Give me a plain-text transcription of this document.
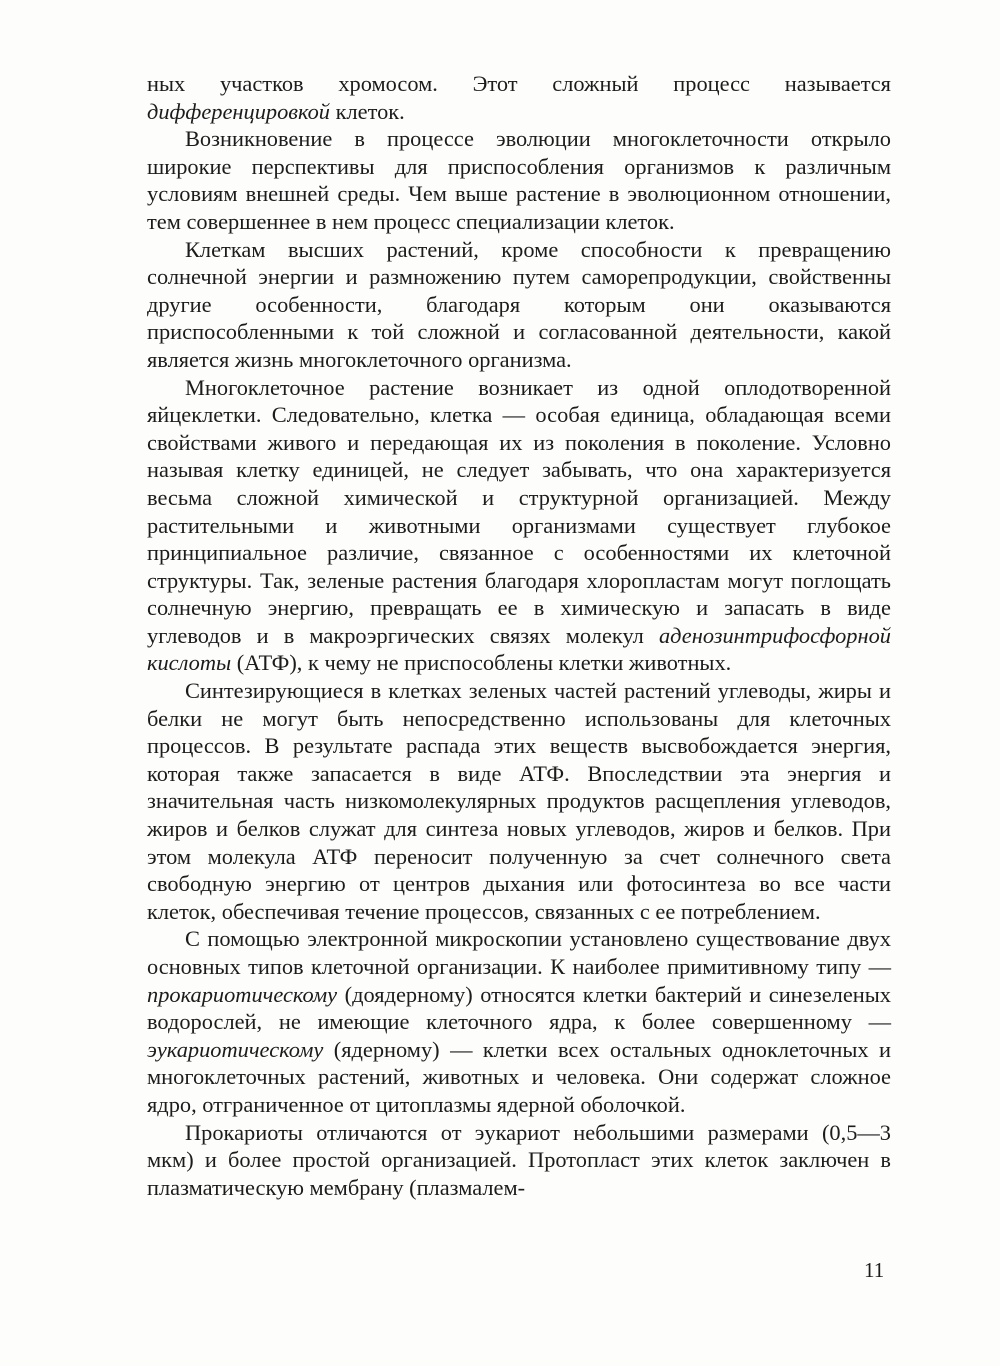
ных участков хромосом. Этот сложный процесс называется дифференцировкой клеток.

Возникновение в процессе эволюции многоклеточности открыло широкие перспективы для приспособления организмов к различным условиям внешней среды. Чем выше растение в эволюционном отношении, тем совершеннее в нем процесс специализации клеток.

Клеткам высших растений, кроме способности к превращению солнечной энергии и размножению путем саморепродукции, свойственны другие особенности, благодаря которым они оказываются приспособленными к той сложной и согласованной деятельности, какой является жизнь многоклеточного организма.

Многоклеточное растение возникает из одной оплодотворенной яйцеклетки. Следовательно, клетка — особая единица, обладающая всеми свойствами живого и передающая их из поколения в поколение. Условно называя клетку единицей, не следует забывать, что она характеризуется весьма сложной химической и структурной организацией. Между растительными и животными организмами существует глубокое принципиальное различие, связанное с особенностями их клеточной структуры. Так, зеленые растения благодаря хлоропластам могут поглощать солнечную энергию, превращать ее в химическую и запасать в виде углеводов и в макроэргических связях молекул аденозинтрифосфорной кислоты (АТФ), к чему не приспособлены клетки животных.

Синтезирующиеся в клетках зеленых частей растений углеводы, жиры и белки не могут быть непосредственно использованы для клеточных процессов. В результате распада этих веществ высвобождается энергия, которая также запасается в виде АТФ. Впоследствии эта энергия и значительная часть низкомолекулярных продуктов расщепления углеводов, жиров и белков служат для синтеза новых углеводов, жиров и белков. При этом молекула АТФ переносит полученную за счет солнечного света свободную энергию от центров дыхания или фотосинтеза во все части клеток, обеспечивая течение процессов, связанных с ее потреблением.

С помощью электронной микроскопии установлено существование двух основных типов клеточной организации. К наиболее примитивному типу — прокариотическому (доядерному) относятся клетки бактерий и синезеленых водорослей, не имеющие клеточного ядра, к более совершенному — эукариотическому (ядерному) — клетки всех остальных одноклеточных и многоклеточных растений, животных и человека. Они содержат сложное ядро, отграниченное от цитоплазмы ядерной оболочкой.

Прокариоты отличаются от эукариот небольшими размерами (0,5—3 мкм) и более простой организацией. Протопласт этих клеток заключен в плазматическую мембрану (плазмалем-

11
